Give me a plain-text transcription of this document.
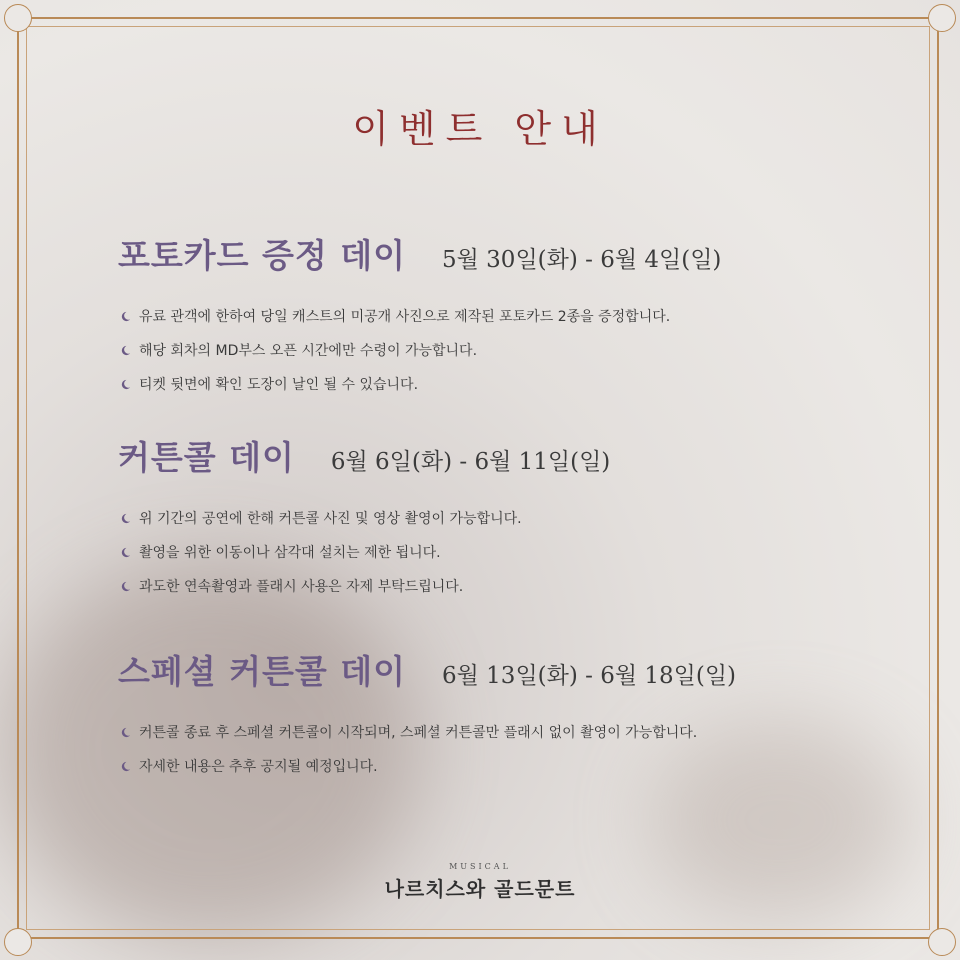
이벤트 안내
포토카드 증정 데이 5월 30일(화) - 6월 4일(일)
유료 관객에 한하여 당일 캐스트의 미공개 사진으로 제작된 포토카드 2종을 증정합니다.
해당 회차의 MD부스 오픈 시간에만 수령이 가능합니다.
티켓 뒷면에 확인 도장이 날인 될 수 있습니다.
커튼콜 데이 6월 6일(화) - 6월 11일(일)
위 기간의 공연에 한해 커튼콜 사진 및 영상 촬영이 가능합니다.
촬영을 위한 이동이나 삼각대 설치는 제한 됩니다.
과도한 연속촬영과 플래시 사용은 자제 부탁드립니다.
스페셜 커튼콜 데이 6월 13일(화) - 6월 18일(일)
커튼콜 종료 후 스페셜 커튼콜이 시작되며, 스페셜 커튼콜만 플래시 없이 촬영이 가능합니다.
자세한 내용은 추후 공지될 예정입니다.
MUSICAL
나르치스와 골드문트
